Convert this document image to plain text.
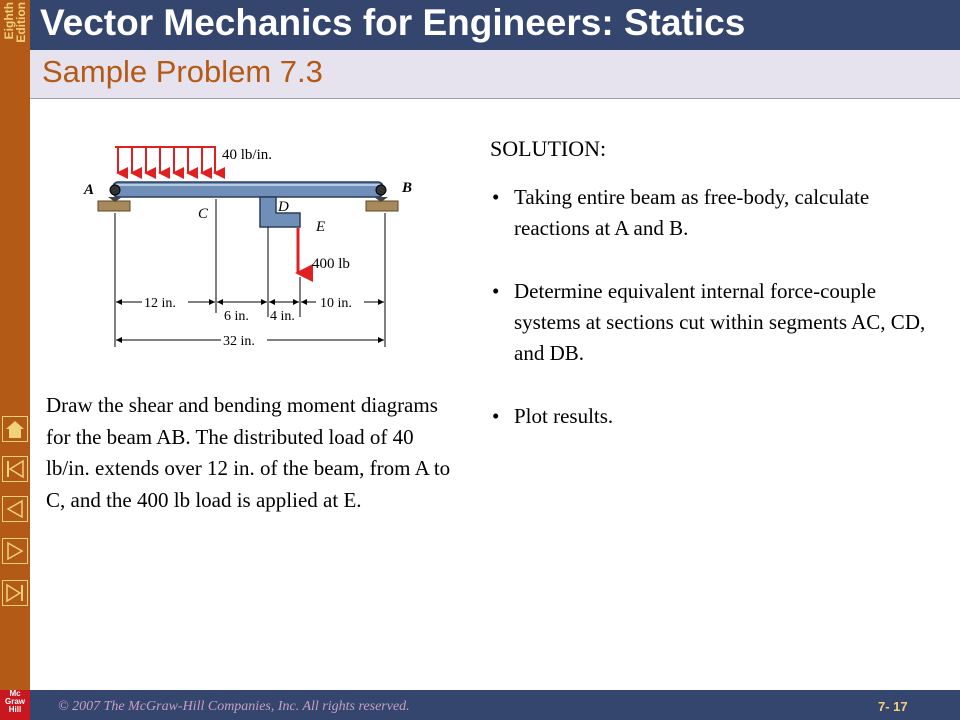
Eighth
Edition Vector Mechanics for Engineers: Statics
Sample Problem 7.3
40 lb/in.
A	B
C	D
E
400 lb
12 in.
6 in. 4 in.
10 in.
32 in.
Draw the shear and bending moment diagrams for the beam AB. The distributed load of 40 lb/in. extends over 12 in. of the beam, from A to C, and the 400 lb load is applied at E.
SOLUTION:
• Taking entire beam as free-body, calculate reactions at A and B.
• Determine equivalent internal force-couple systems at sections cut within segments AC, CD, and DB.
• Plot results.
© 2007 The McGraw-Hill Companies, Inc. All rights reserved.	7- 17
Mc
Graw
Hill
